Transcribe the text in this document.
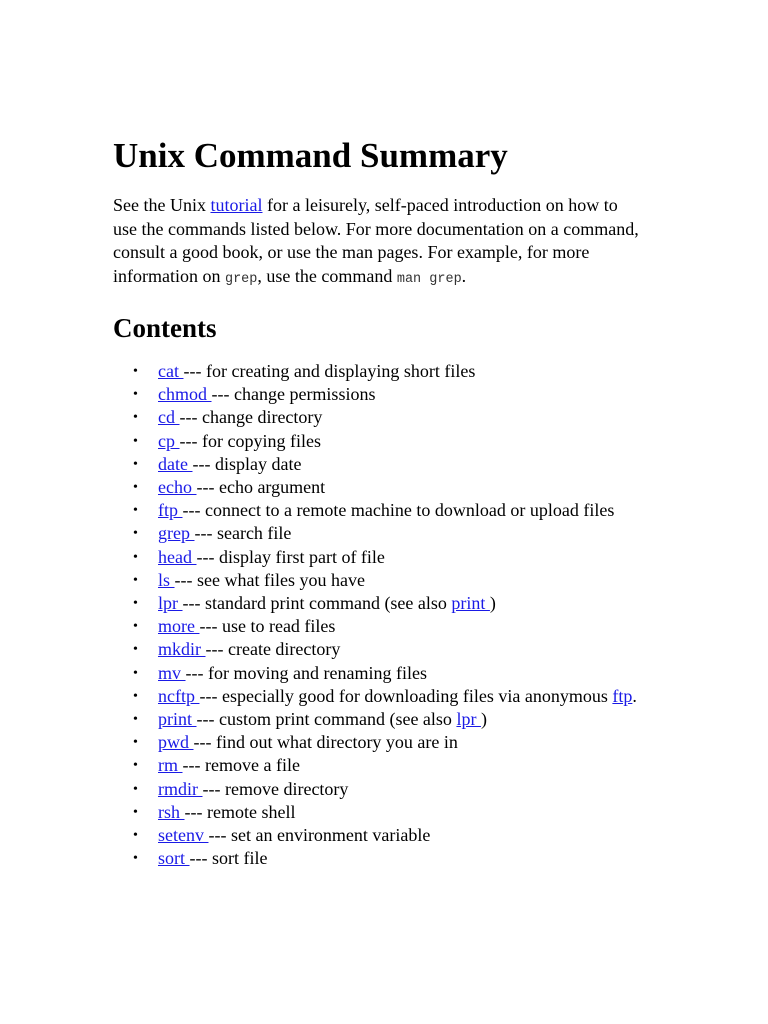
Unix Command Summary

See the Unix tutorial for a leisurely, self-paced introduction on how to use the commands listed below. For more documentation on a command, consult a good book, or use the man pages. For example, for more information on grep, use the command man grep.

Contents
• cat --- for creating and displaying short files
• chmod --- change permissions
• cd --- change directory
• cp --- for copying files
• date --- display date
• echo --- echo argument
• ftp --- connect to a remote machine to download or upload files
• grep --- search file
• head --- display first part of file
• ls --- see what files you have
• lpr --- standard print command (see also print )
• more --- use to read files
• mkdir --- create directory
• mv --- for moving and renaming files
• ncftp --- especially good for downloading files via anonymous ftp.
• print --- custom print command (see also lpr )
• pwd --- find out what directory you are in
• rm --- remove a file
• rmdir --- remove directory
• rsh --- remote shell
• setenv --- set an environment variable
• sort --- sort file
